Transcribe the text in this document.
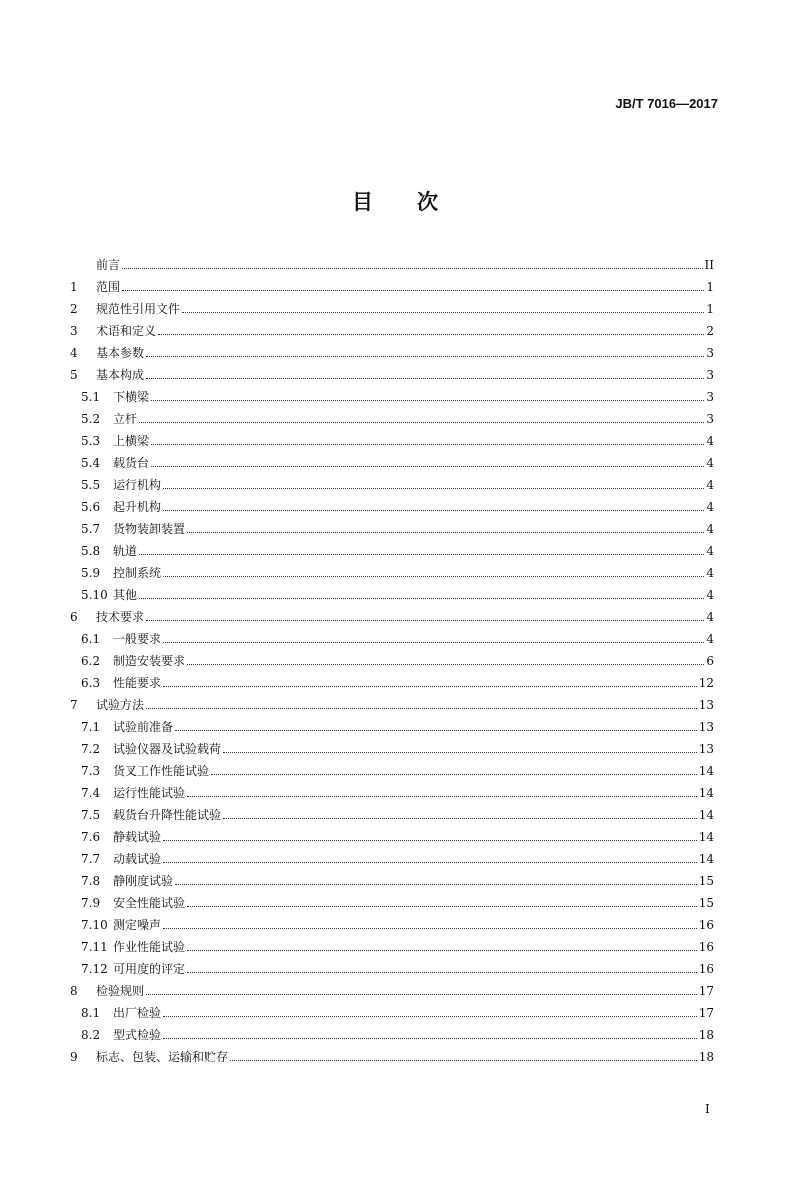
JB/T 7016—2017
目 次
前言	II
1	范围	1
2	规范性引用文件	1
3	术语和定义	2
4	基本参数	3
5	基本构成	3
5.1	下横梁	3
5.2	立杆	3
5.3	上横梁	4
5.4	载货台	4
5.5	运行机构	4
5.6	起升机构	4
5.7	货物装卸装置	4
5.8	轨道	4
5.9	控制系统	4
5.10 其他	4
6	技术要求	4
6.1	一般要求	4
6.2	制造安装要求	6
6.3	性能要求	12
7	试验方法	13
7.1	试验前准备	13
7.2	试验仪器及试验载荷	13
7.3	货叉工作性能试验	14
7.4	运行性能试验	14
7.5	载货台升降性能试验	14
7.6	静载试验	14
7.7	动载试验	14
7.8	静刚度试验	15
7.9	安全性能试验	15
7.10 测定噪声	16
7.11 作业性能试验	16
7.12 可用度的评定	16
8	检验规则	17
8.1	出厂检验	17
8.2	型式检验	18
9	标志、包装、运输和贮存	18
I
